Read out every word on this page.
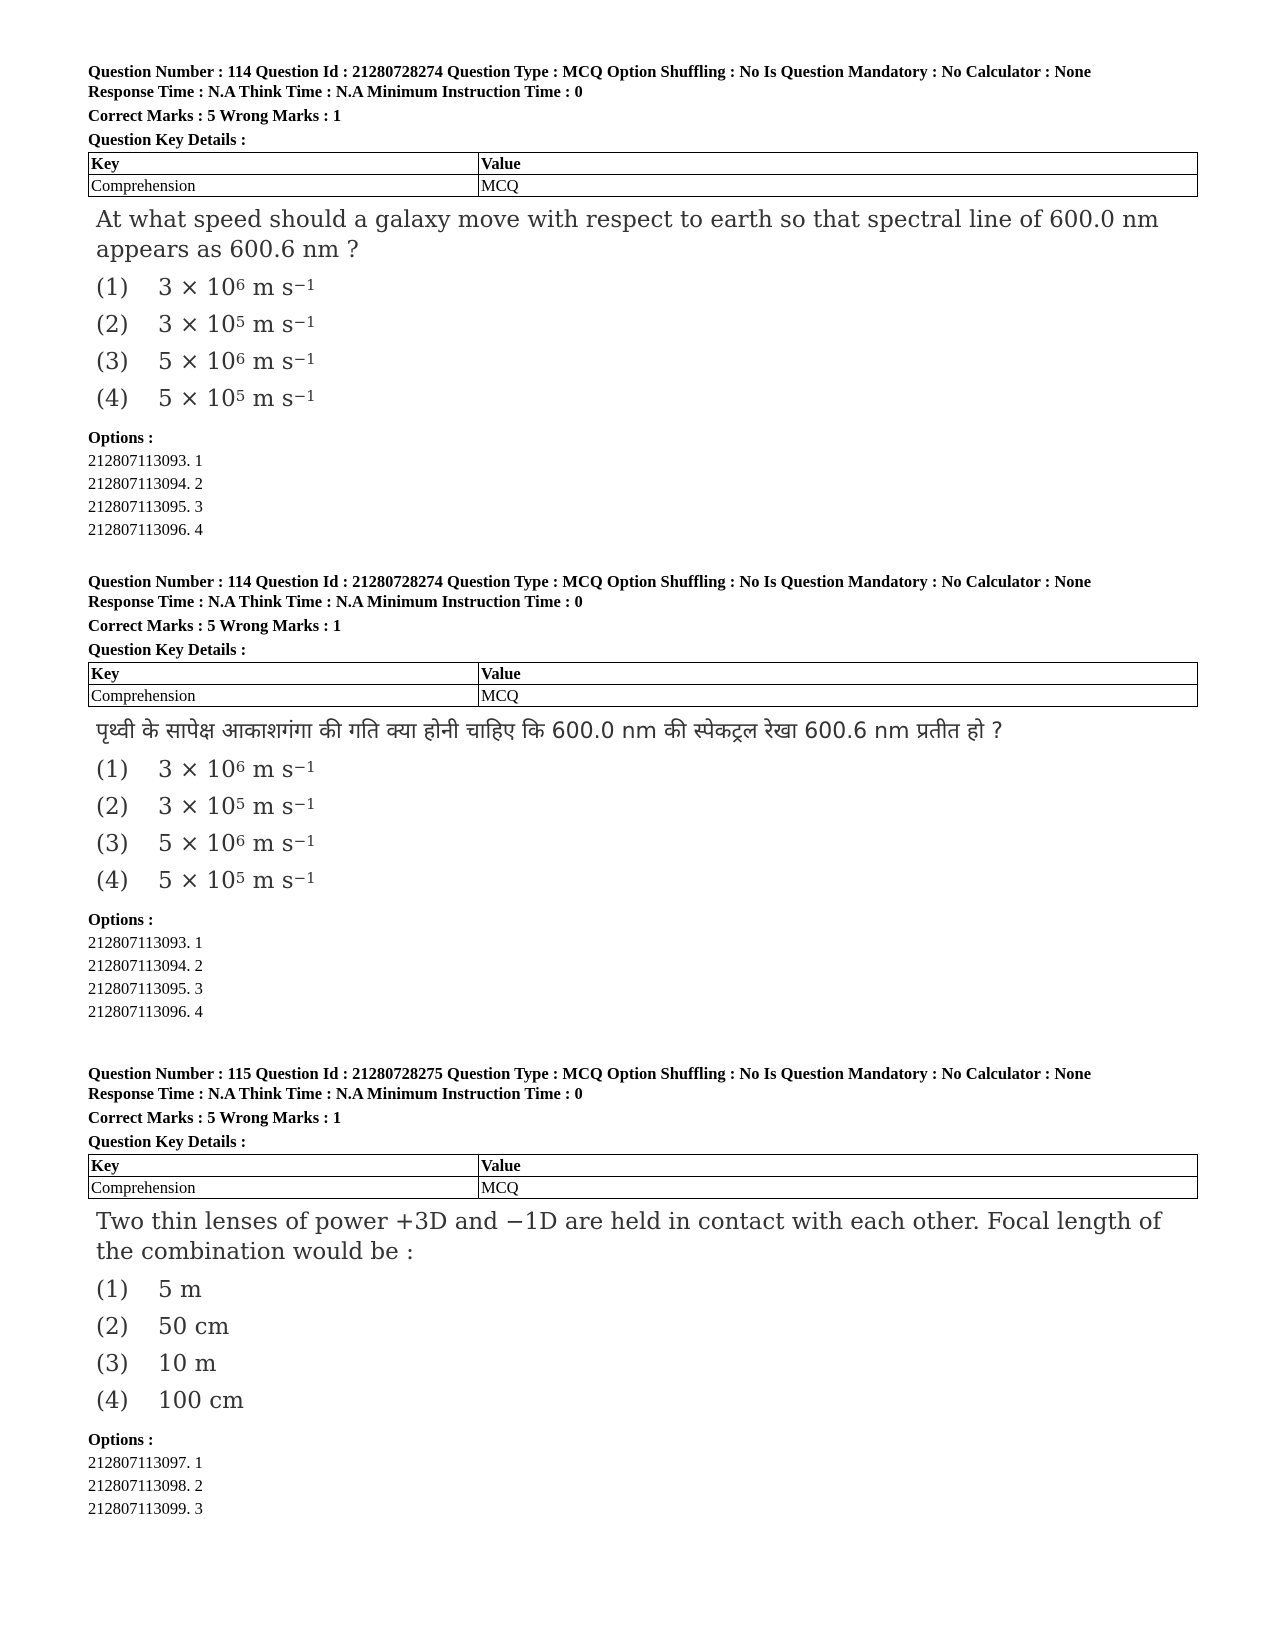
Question Number : 114 Question Id : 21280728274 Question Type : MCQ Option Shuffling : No Is Question Mandatory : No Calculator : None
Response Time : N.A Think Time : N.A Minimum Instruction Time : 0
Correct Marks : 5 Wrong Marks : 1
Question Key Details :
Key	Value
Comprehension	MCQ
At what speed should a galaxy move with respect to earth so that spectral line of 600.0 nm appears as 600.6 nm ?
(1)	$3 \times 10^6$ m $s^{-1}$
(2)	$3 \times 10^5$ m $s^{-1}$
(3)	$5 \times 10^6$ m $s^{-1}$
(4)	$5 \times 10^5$ m $s^{-1}$
Options :
212807113093. 1
212807113094. 2
212807113095. 3
212807113096. 4
Question Number : 114 Question Id : 21280728274 Question Type : MCQ Option Shuffling : No Is Question Mandatory : No Calculator : None
Response Time : N.A Think Time : N.A Minimum Instruction Time : 0
Correct Marks : 5 Wrong Marks : 1
Question Key Details :
Key	Value
Comprehension	MCQ
पृथ्वी के सापेक्ष आकाशगंगा की गति क्या होनी चाहिए कि 600.0 nm की स्पेकट्रल रेखा 600.6 nm प्रतीत हो ?
(1)	$3 \times 10^6$ m $s^{-1}$
(2)	$3 \times 10^5$ m $s^{-1}$
(3)	$5 \times 10^6$ m $s^{-1}$
(4)	$5 \times 10^5$ m $s^{-1}$
Options :
212807113093. 1
212807113094. 2
212807113095. 3
212807113096. 4
Question Number : 115 Question Id : 21280728275 Question Type : MCQ Option Shuffling : No Is Question Mandatory : No Calculator : None
Response Time : N.A Think Time : N.A Minimum Instruction Time : 0
Correct Marks : 5 Wrong Marks : 1
Question Key Details :
Key	Value
Comprehension	MCQ
Two thin lenses of power +3D and −1D are held in contact with each other. Focal length of the combination would be :
(1)	5 m
(2)	50 cm
(3)	10 m
(4)	100 cm
Options :
212807113097. 1
212807113098. 2
212807113099. 3
